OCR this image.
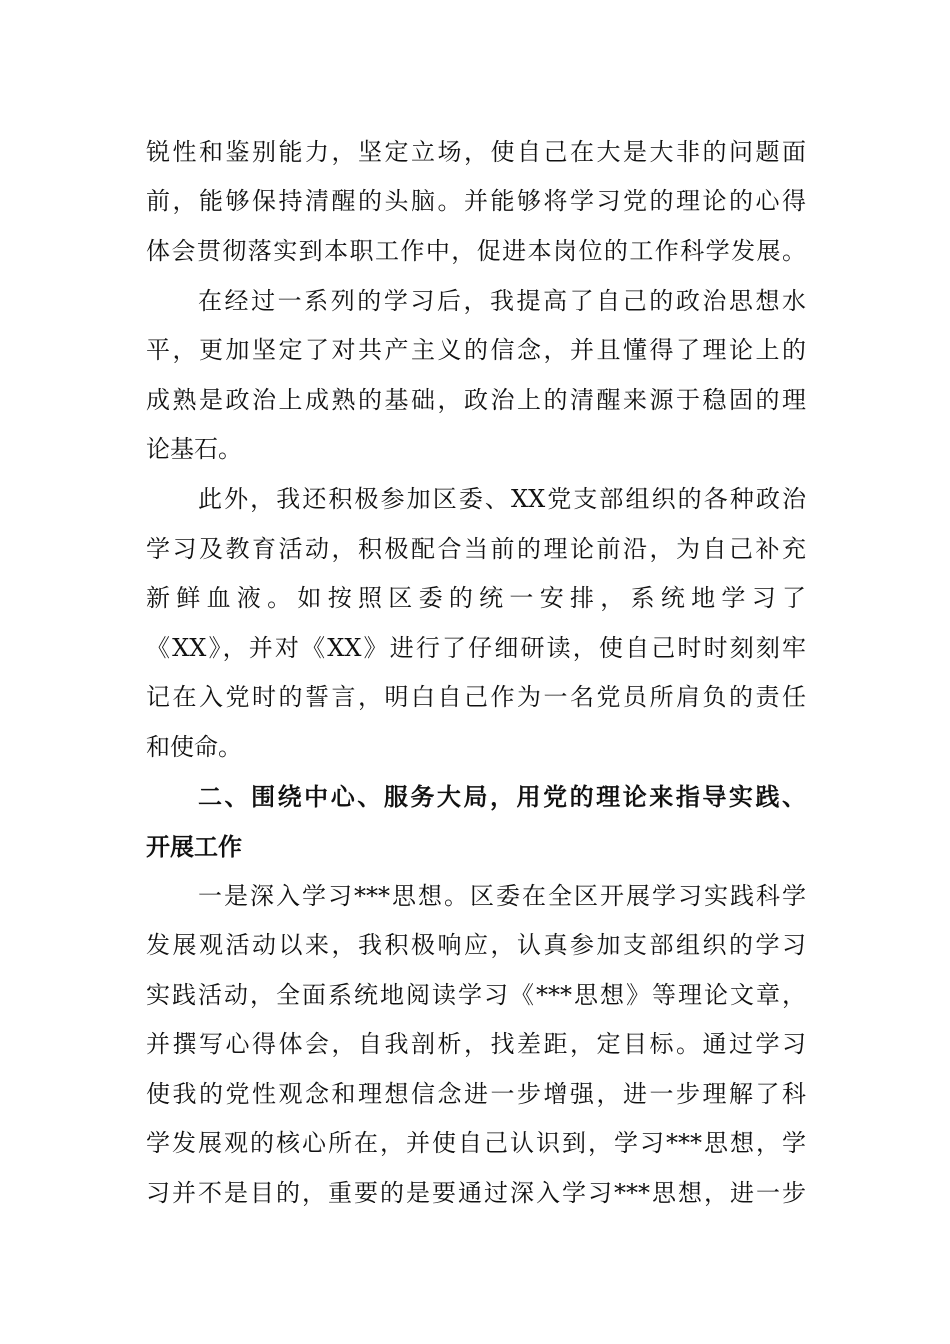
锐性和鉴别能力，坚定立场，使自己在大是大非的问题面
前，能够保持清醒的头脑。并能够将学习党的理论的心得
体会贯彻落实到本职工作中，促进本岗位的工作科学发展。
在经过一系列的学习后，我提高了自己的政治思想水
平，更加坚定了对共产主义的信念，并且懂得了理论上的
成熟是政治上成熟的基础，政治上的清醒来源于稳固的理
论基石。
此外，我还积极参加区委、XX党支部组织的各种政治
学习及教育活动，积极配合当前的理论前沿，为自己补充
新鲜血液。如按照区委的统一安排，系统地学习了
《XX》，并对《XX》进行了仔细研读，使自己时时刻刻牢
记在入党时的誓言，明白自己作为一名党员所肩负的责任
和使命。
二、围绕中心、服务大局，用党的理论来指导实践、
开展工作
一是深入学习***思想。区委在全区开展学习实践科学
发展观活动以来，我积极响应，认真参加支部组织的学习
实践活动，全面系统地阅读学习《***思想》等理论文章，
并撰写心得体会，自我剖析，找差距，定目标。通过学习
使我的党性观念和理想信念进一步增强，进一步理解了科
学发展观的核心所在，并使自己认识到，学习***思想，学
习并不是目的，重要的是要通过深入学习***思想，进一步
